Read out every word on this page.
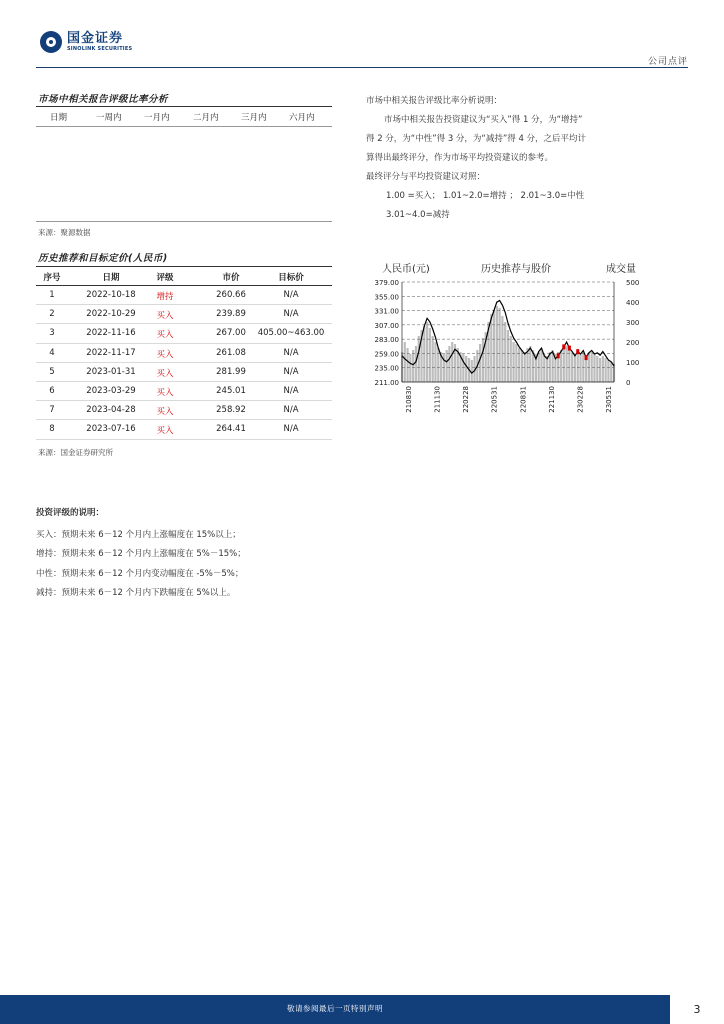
国金证券
SINOLINK SECURITIES
公司点评
市场中相关报告评级比率分析
日期	一周内	一月内	二月内	三月内	六月内
来源：聚源数据
市场中相关报告评级比率分析说明：
市场中相关报告投资建议为“买入”得 1 分，为“增持”
得 2 分，为“中性”得 3 分，为“减持”得 4 分，之后平均计
算得出最终评分，作为市场平均投资建议的参考。
最终评分与平均投资建议对照：
1.00 =买入； 1.01~2.0=增持 ； 2.01~3.0=中性
3.01~4.0=减持
历史推荐和目标定价(人民币)
序号	日期	评级	市价	目标价
1	2022-10-18	增持	260.66	N/A
2	2022-10-29	买入	239.89	N/A
3	2022-11-16	买入	267.00	405.00~463.00
4	2022-11-17	买入	261.08	N/A
5	2023-01-31	买入	281.99	N/A
6	2023-03-29	买入	245.01	N/A
7	2023-04-28	买入	258.92	N/A
8	2023-07-16	买入	264.41	N/A
来源：国金证券研究所
人民币(元)	历史推荐与股价	成交量
379.00
355.00
331.00
307.00
283.00
259.00
235.00
211.00
500
400
300
200
100
0
210830	211130	220228	220531	220831	221130	230228	230531
投资评级的说明：
买入：预期未来 6－12 个月内上涨幅度在 15%以上；
增持：预期未来 6－12 个月内上涨幅度在 5%－15%；
中性：预期未来 6－12 个月内变动幅度在 -5%－5%；
减持：预期未来 6－12 个月内下跌幅度在 5%以上。
敬请参阅最后一页特别声明	3
